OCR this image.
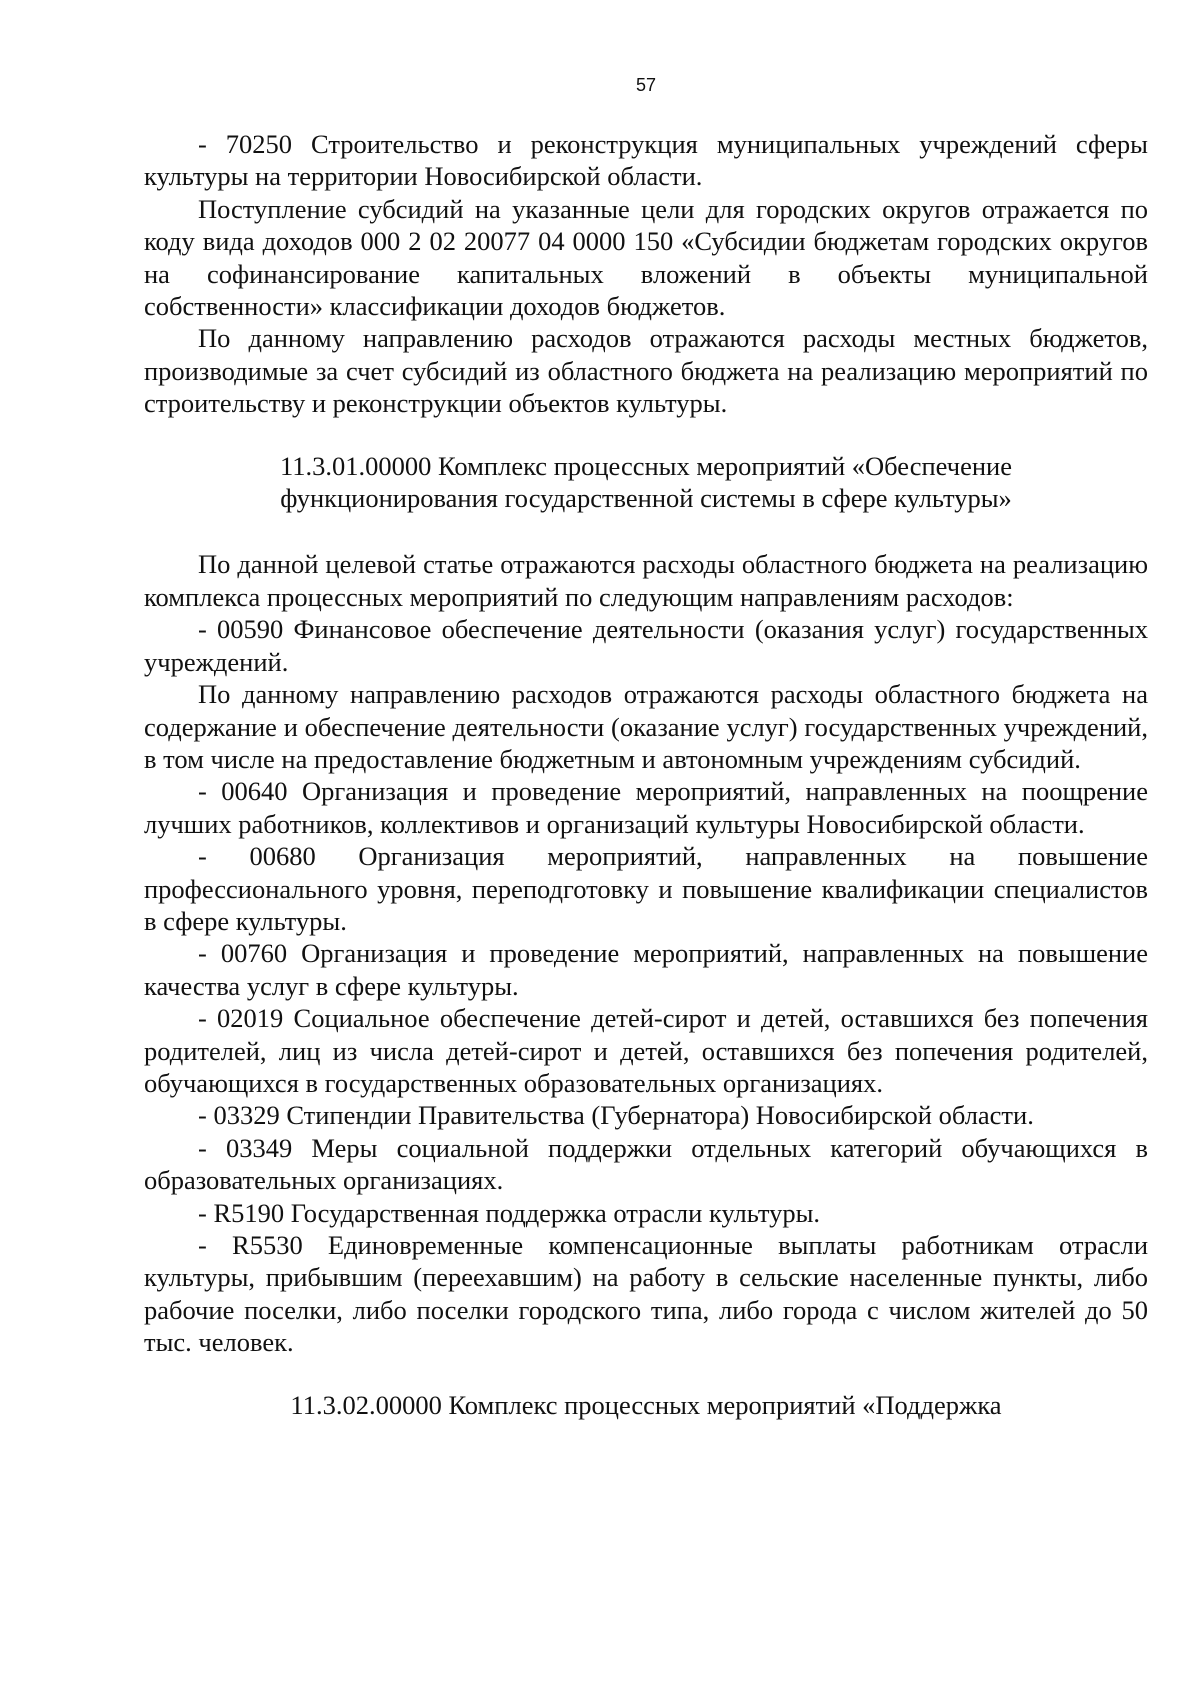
57

- 70250 Строительство и реконструкция муниципальных учреждений сферы культуры на территории Новосибирской области.

Поступление субсидий на указанные цели для городских округов отражается по коду вида доходов 000 2 02 20077 04 0000 150 «Субсидии бюджетам городских округов на софинансирование капитальных вложений в объекты муниципальной собственности» классификации доходов бюджетов.

По данному направлению расходов отражаются расходы местных бюджетов, производимые за счет субсидий из областного бюджета на реализацию мероприятий по строительству и реконструкции объектов культуры.

11.3.01.00000 Комплекс процессных мероприятий «Обеспечение
функционирования государственной системы в сфере культуры»

По данной целевой статье отражаются расходы областного бюджета на реализацию комплекса процессных мероприятий по следующим направлениям расходов:

- 00590 Финансовое обеспечение деятельности (оказания услуг) государственных учреждений.

По данному направлению расходов отражаются расходы областного бюджета на содержание и обеспечение деятельности (оказание услуг) государственных учреждений, в том числе на предоставление бюджетным и автономным учреждениям субсидий.

- 00640 Организация и проведение мероприятий, направленных на поощрение лучших работников, коллективов и организаций культуры Новосибирской области.

- 00680 Организация мероприятий, направленных на повышение профессионального уровня, переподготовку и повышение квалификации специалистов в сфере культуры.

- 00760 Организация и проведение мероприятий, направленных на повышение качества услуг в сфере культуры.

- 02019 Социальное обеспечение детей-сирот и детей, оставшихся без попечения родителей, лиц из числа детей-сирот и детей, оставшихся без попечения родителей, обучающихся в государственных образовательных организациях.

- 03329 Стипендии Правительства (Губернатора) Новосибирской области.

- 03349 Меры социальной поддержки отдельных категорий обучающихся в образовательных организациях.

- R5190 Государственная поддержка отрасли культуры.

- R5530 Единовременные компенсационные выплаты работникам отрасли культуры, прибывшим (переехавшим) на работу в сельские населенные пункты, либо рабочие поселки, либо поселки городского типа, либо города с числом жителей до 50 тыс. человек.

11.3.02.00000 Комплекс процессных мероприятий «Поддержка
